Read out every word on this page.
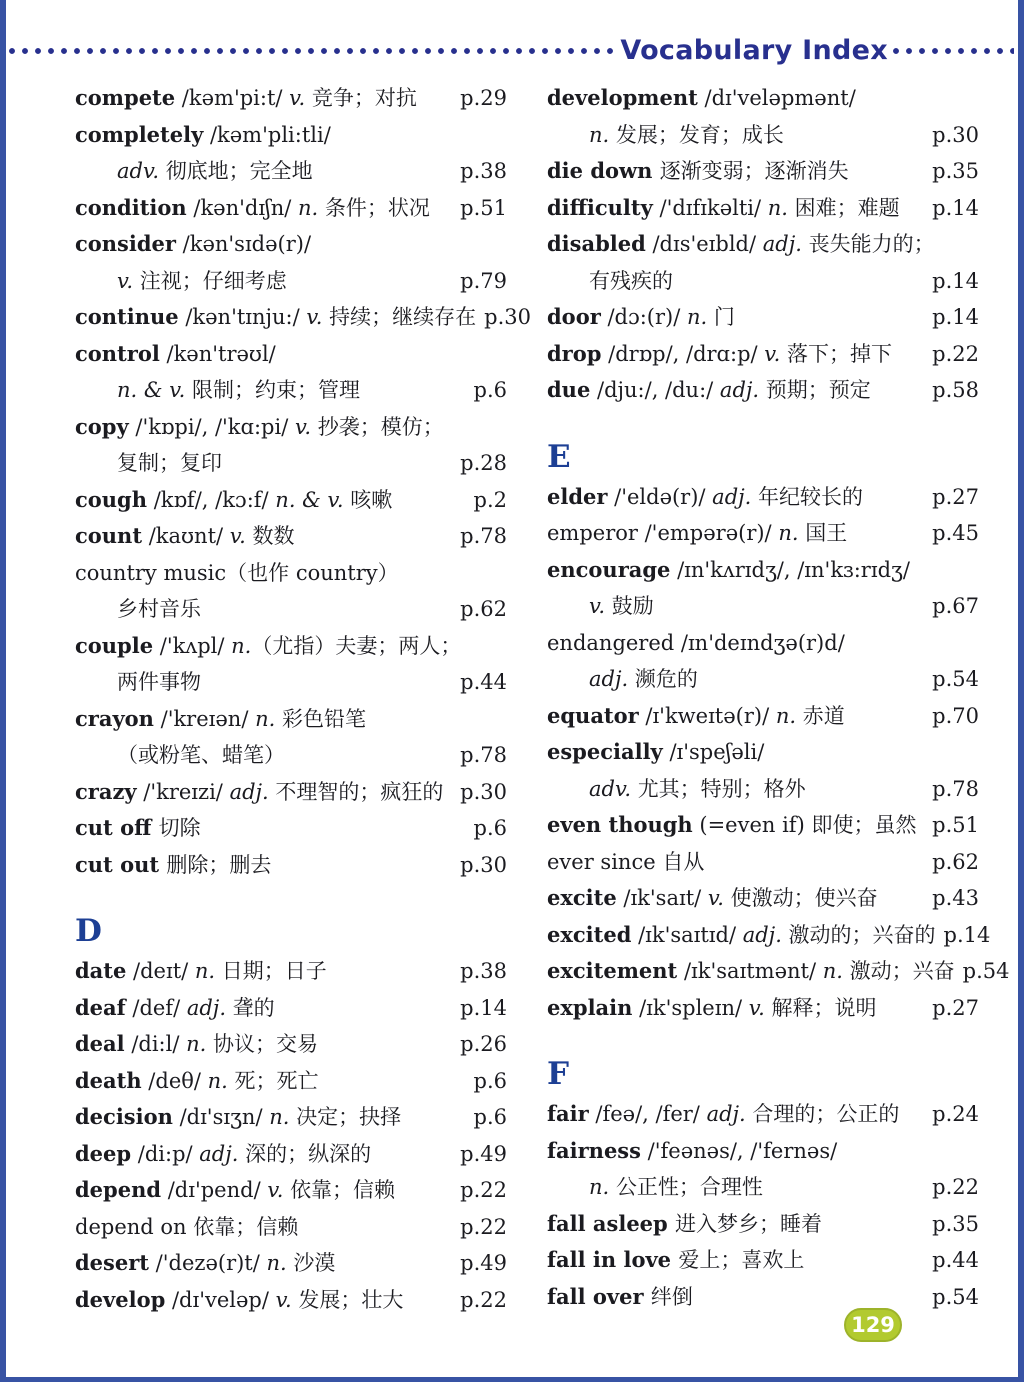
Vocabulary Index
compete /kəm'pi:t/ v. 竞争；对抗	p.29
completely /kəm'pli:tli/
adv. 彻底地；完全地	p.38
condition /kən'dɪʃn/ n. 条件；状况	p.51
consider /kən'sɪdə(r)/
v. 注视；仔细考虑	p.79
continue /kən'tɪnju:/ v. 持续；继续存在 p.30
control /kən'trəʊl/
n. & v. 限制；约束；管理	p.6
copy /'kɒpi/, /'kɑ:pi/ v. 抄袭；模仿；
复制；复印	p.28
cough /kɒf/, /kɔ:f/ n. & v. 咳嗽	p.2
count /kaʊnt/ v. 数数	p.78
country music（也作 country）
乡村音乐	p.62
couple /'kʌpl/ n.（尤指）夫妻；两人；
两件事物	p.44
crayon /'kreɪən/ n. 彩色铅笔
（或粉笔、蜡笔）	p.78
crazy /'kreɪzi/ adj. 不理智的；疯狂的 p.30
cut off 切除	p.6
cut out 删除；删去	p.30
D
date /deɪt/ n. 日期；日子	p.38
deaf /def/ adj. 聋的	p.14
deal /di:l/ n. 协议；交易	p.26
death /deθ/ n. 死；死亡	p.6
decision /dɪ'sɪʒn/ n. 决定；抉择	p.6
deep /di:p/ adj. 深的；纵深的	p.49
depend /dɪ'pend/ v. 依靠；信赖	p.22
depend on 依靠；信赖	p.22
desert /'dezə(r)t/ n. 沙漠	p.49
develop /dɪ'veləp/ v. 发展；壮大	p.22
development /dɪ'veləpmənt/
n. 发展；发育；成长	p.30
die down 逐渐变弱；逐渐消失	p.35
difficulty /'dɪfɪkəlti/ n. 困难；难题	p.14
disabled /dɪs'eɪbld/ adj. 丧失能力的；
有残疾的	p.14
door /dɔ:(r)/ n. 门	p.14
drop /drɒp/, /drɑ:p/ v. 落下；掉下	p.22
due /dju:/, /du:/ adj. 预期；预定	p.58
E
elder /'eldə(r)/ adj. 年纪较长的	p.27
emperor /'empərə(r)/ n. 国王	p.45
encourage /ɪn'kʌrɪdʒ/, /ɪn'kɜ:rɪdʒ/
v. 鼓励	p.67
endangered /ɪn'deɪndʒə(r)d/
adj. 濒危的	p.54
equator /ɪ'kweɪtə(r)/ n. 赤道	p.70
especially /ɪ'speʃəli/
adv. 尤其；特别；格外	p.78
even though (=even if) 即使；虽然 p.51
ever since 自从	p.62
excite /ɪk'saɪt/ v. 使激动；使兴奋	p.43
excited /ɪk'saɪtɪd/ adj. 激动的；兴奋的 p.14
excitement /ɪk'saɪtmənt/ n. 激动；兴奋 p.54
explain /ɪk'spleɪn/ v. 解释；说明	p.27
F
fair /feə/, /fer/ adj. 合理的；公正的	p.24
fairness /'feənəs/, /'fernəs/
n. 公正性；合理性	p.22
fall asleep 进入梦乡；睡着	p.35
fall in love 爱上；喜欢上	p.44
fall over 绊倒	p.54
129
